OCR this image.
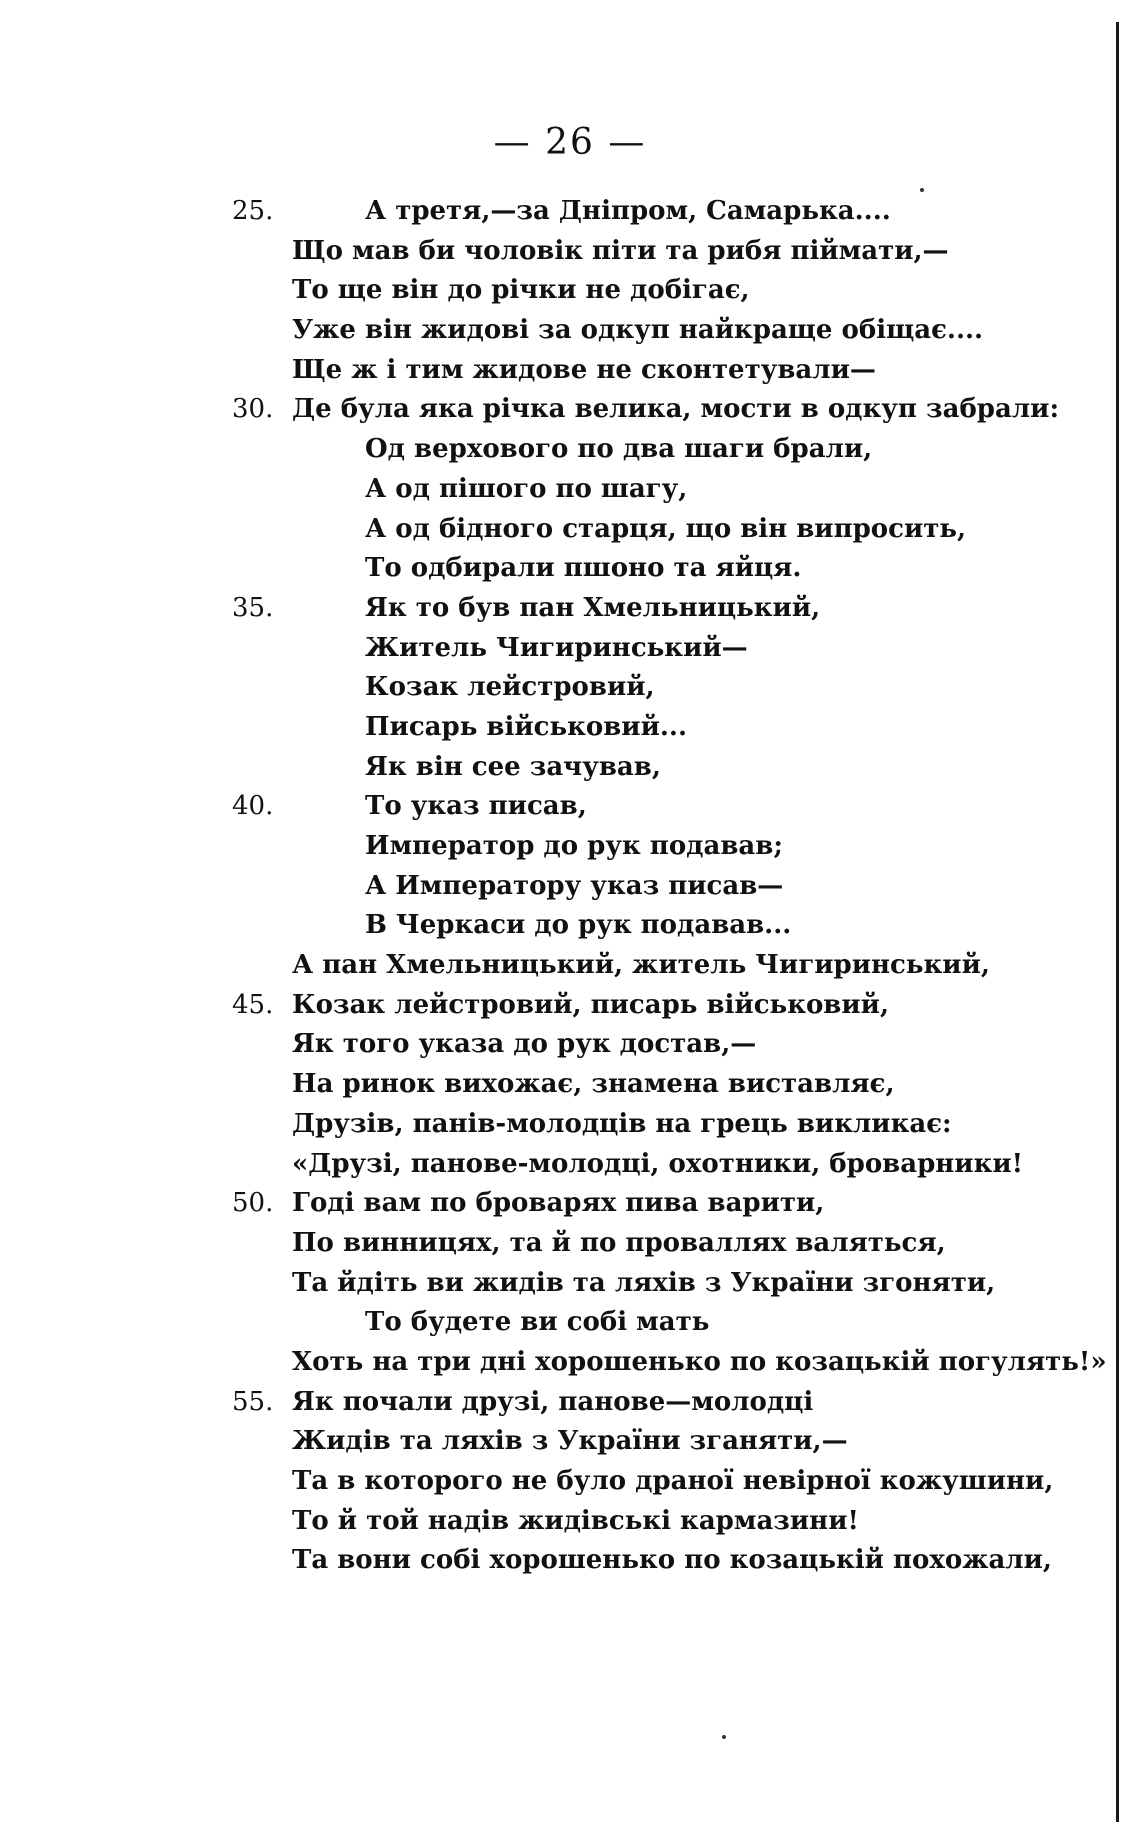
— 26 —
25.	А третя,—за Дніпром, Самарька....
Що мав би чоловік піти та рибя піймати,—
То ще він до річки не добігає,
Уже він жидові за одкуп найкраще обіщає....
Ще ж і тим жидове не сконтетували—
30. Де була яка річка велика, мости в одкуп забрали:
Од верхового по два шаги брали,
А од пішого по шагу,
А од бідного старця, що він випросить,
То одбирали пшоно та яйця.
35.	Як то був пан Хмельницький,
Житель Чигиринський—
Козак лейстровий,
Писарь військовий...
Як він сее зачував,
40.	То указ писав,
Император до рук подавав;
А Императору указ писав—
В Черкаси до рук подавав...
А пан Хмельницький, житель Чигиринський,
45. Козак лейстровий, писарь військовий,
Як того указа до рук достав,—
На ринок вихожає, знамена виставляє,
Друзів, панів-молодців на грець викликає:
«Друзі, панове-молодці, охотники, броварники!
50. Годі вам по броварях пива варити,
По винницях, та й по проваллях валяться,
Та йдіть ви жидів та ляхів з України згоняти,
То будете ви собі мать
Хоть на три дні хорошенько по козацькій погулять!»
55. Як почали друзі, панове—молодці
Жидів та ляхів з України зганяти,—
Та в которого не було драної невірної кожушини,
То й той надів жидівські кармазини!
Та вони собі хорошенько по козацькій похожали,
